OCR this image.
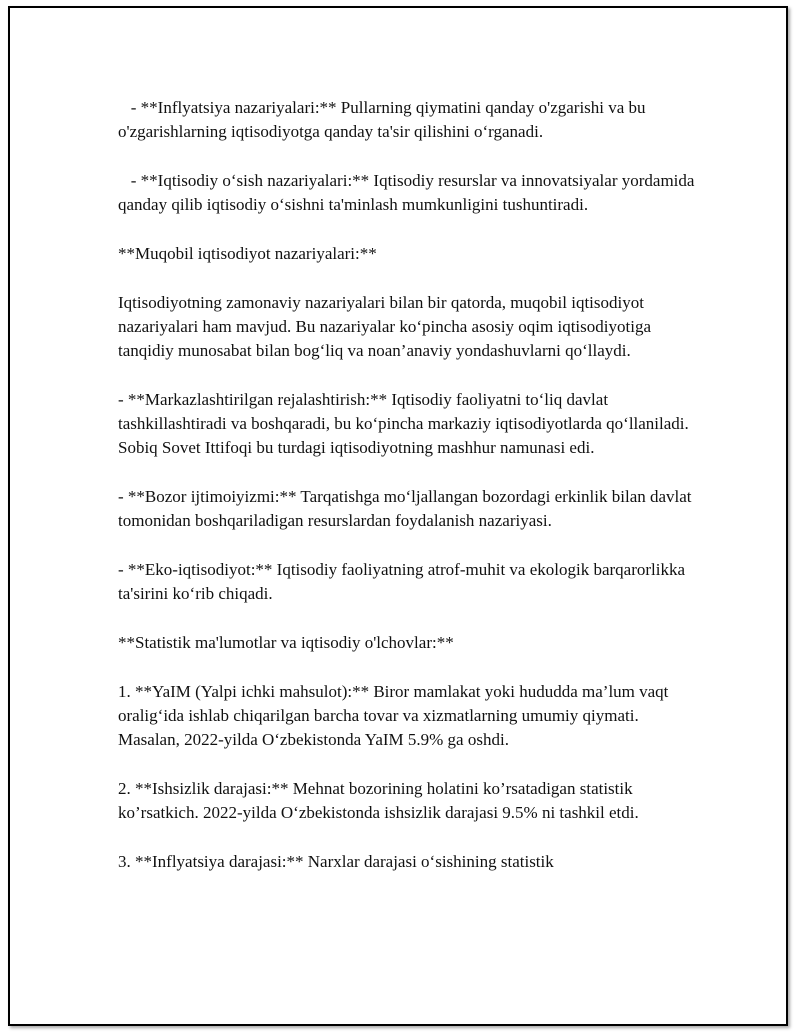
- **Inflyatsiya nazariyalari:** Pullarning qiymatini qanday o'zgarishi va bu o'zgarishlarning iqtisodiyotga qanday ta'sir qilishini o‘rganadi.

- **Iqtisodiy o‘sish nazariyalari:** Iqtisodiy resurslar va innovatsiyalar yordamida qanday qilib iqtisodiy o‘sishni ta'minlash mumkunligini tushuntiradi.

**Muqobil iqtisodiyot nazariyalari:**

Iqtisodiyotning zamonaviy nazariyalari bilan bir qatorda, muqobil iqtisodiyot nazariyalari ham mavjud. Bu nazariyalar ko‘pincha asosiy oqim iqtisodiyotiga tanqidiy munosabat bilan bog‘liq va noan’anaviy yondashuvlarni qo‘llaydi.

- **Markazlashtirilgan rejalashtirish:** Iqtisodiy faoliyatni to‘liq davlat tashkillashtiradi va boshqaradi, bu ko‘pincha markaziy iqtisodiyotlarda qo‘llaniladi. Sobiq Sovet Ittifoqi bu turdagi iqtisodiyotning mashhur namunasi edi.

- **Bozor ijtimoiyizmi:** Tarqatishga mo‘ljallangan bozordagi erkinlik bilan davlat tomonidan boshqariladigan resurslardan foydalanish nazariyasi.

- **Eko-iqtisodiyot:** Iqtisodiy faoliyatning atrof-muhit va ekologik barqarorlikka ta'sirini ko‘rib chiqadi.

**Statistik ma'lumotlar va iqtisodiy o'lchovlar:**

1. **YaIM (Yalpi ichki mahsulot):** Biror mamlakat yoki hududda ma’lum vaqt oralig‘ida ishlab chiqarilgan barcha tovar va xizmatlarning umumiy qiymati. Masalan, 2022-yilda O‘zbekistonda YaIM 5.9% ga oshdi.

2. **Ishsizlik darajasi:** Mehnat bozorining holatini ko’rsatadigan statistik ko’rsatkich. 2022-yilda O‘zbekistonda ishsizlik darajasi 9.5% ni tashkil etdi.

3. **Inflyatsiya darajasi:** Narxlar darajasi o‘sishining statistik
